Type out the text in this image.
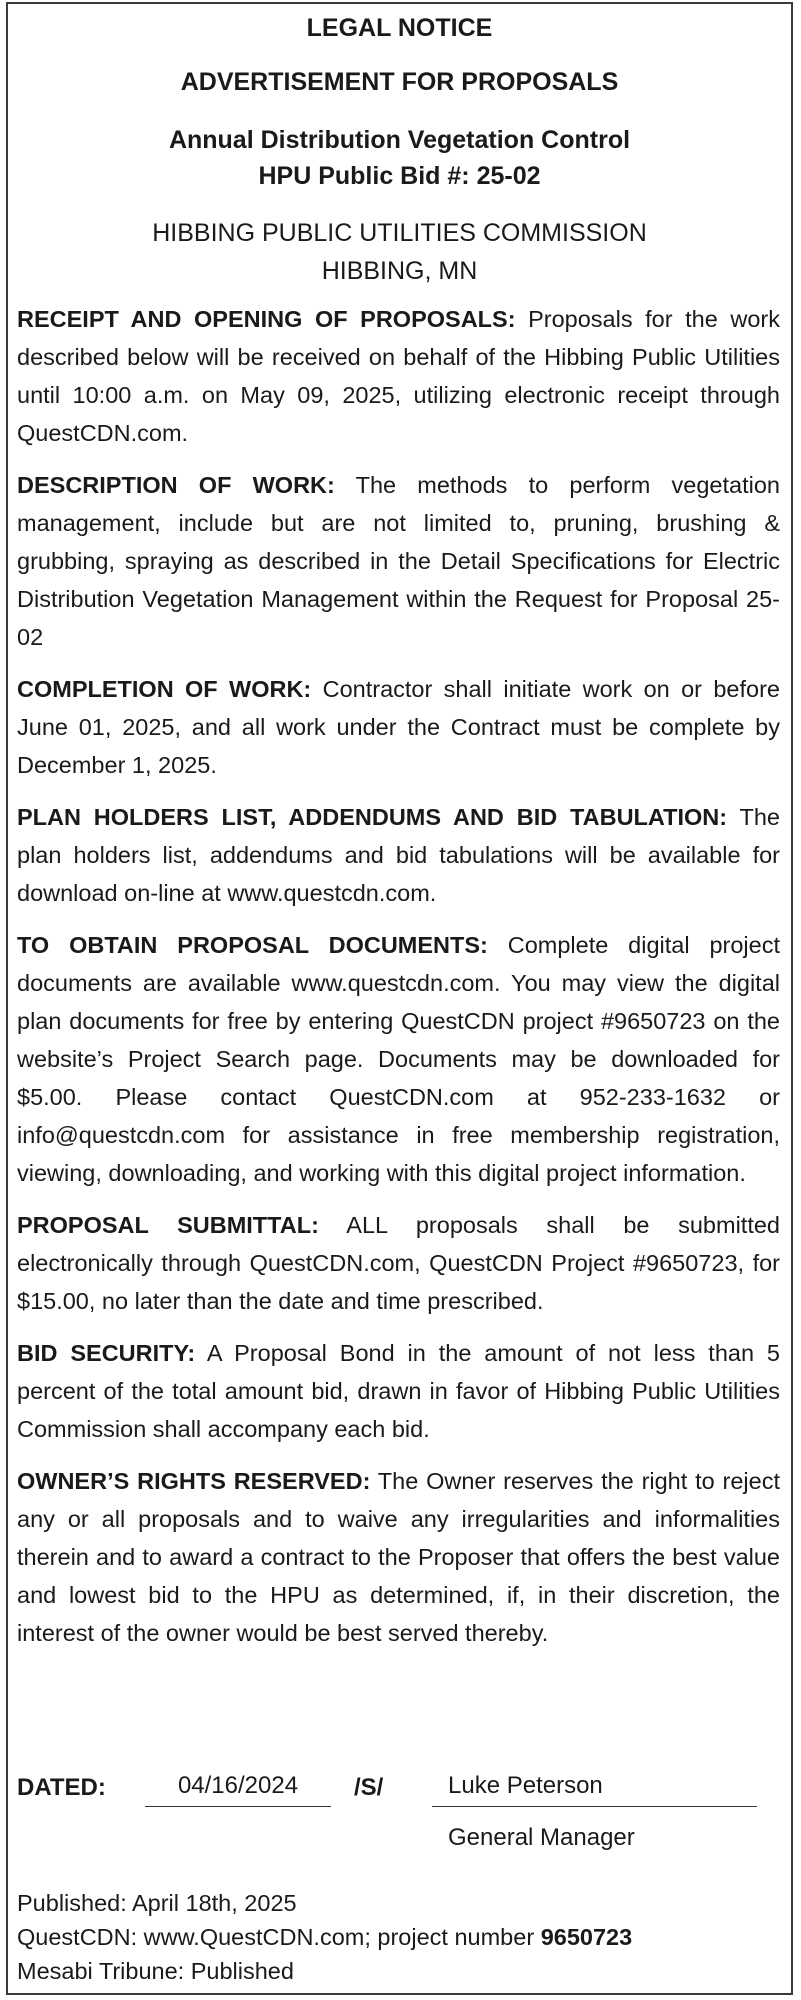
LEGAL NOTICE
ADVERTISEMENT FOR PROPOSALS
Annual Distribution Vegetation Control
HPU Public Bid #: 25-02
HIBBING PUBLIC UTILITIES COMMISSION
HIBBING, MN

RECEIPT AND OPENING OF PROPOSALS: Proposals for the work described below will be received on behalf of the Hibbing Public Utilities until 10:00 a.m. on May 09, 2025, utilizing electronic receipt through QuestCDN.com.

DESCRIPTION OF WORK: The methods to perform vegetation management, include but are not limited to, pruning, brushing & grubbing, spraying as described in the Detail Specifications for Electric Distribution Vegetation Management within the Request for Proposal 25-02

COMPLETION OF WORK: Contractor shall initiate work on or before June 01, 2025, and all work under the Contract must be complete by December 1, 2025.

PLAN HOLDERS LIST, ADDENDUMS AND BID TABULATION: The plan holders list, addendums and bid tabulations will be available for download on-line at www.questcdn.com.

TO OBTAIN PROPOSAL DOCUMENTS: Complete digital project documents are available www.questcdn.com. You may view the digital plan documents for free by entering QuestCDN project #9650723 on the website’s Project Search page. Documents may be downloaded for $5.00. Please contact QuestCDN.com at 952-233-1632 or info@questcdn.com for assistance in free membership registration, viewing, downloading, and working with this digital project information.

PROPOSAL SUBMITTAL: ALL proposals shall be submitted electronically through QuestCDN.com, QuestCDN Project #9650723, for $15.00, no later than the date and time prescribed.

BID SECURITY: A Proposal Bond in the amount of not less than 5 percent of the total amount bid, drawn in favor of Hibbing Public Utilities Commission shall accompany each bid.

OWNER’S RIGHTS RESERVED: The Owner reserves the right to reject any or all proposals and to waive any irregularities and informalities therein and to award a contract to the Proposer that offers the best value and lowest bid to the HPU as determined, if, in their discretion, the interest of the owner would be best served thereby.

DATED:	04/16/2024	/S/	Luke Peterson
General Manager
Published: April 18th, 2025
QuestCDN: www.QuestCDN.com; project number 9650723
Mesabi Tribune: Published
